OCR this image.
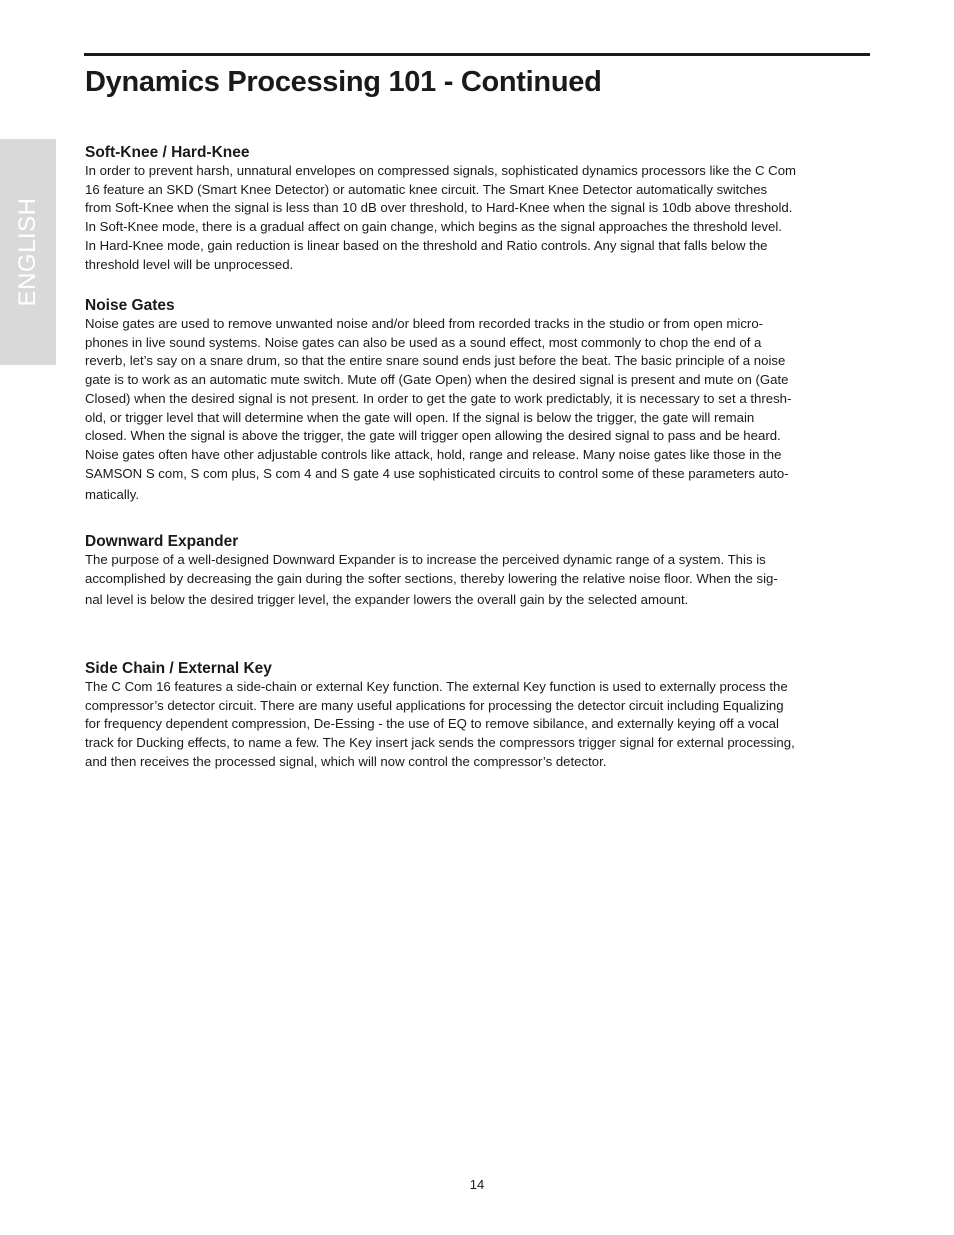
Dynamics Processing 101 - Continued
ENGLISH
Soft-Knee / Hard-Knee

In order to prevent harsh, unnatural envelopes on compressed signals, sophisticated dynamics processors like the C Com
16 feature an SKD (Smart Knee Detector) or automatic knee circuit. The Smart Knee Detector automatically switches
from Soft-Knee when the signal is less than 10 dB over threshold, to Hard-Knee when the signal is 10db above threshold.
In Soft-Knee mode, there is a gradual affect on gain change, which begins as the signal approaches the threshold level.
In Hard-Knee mode, gain reduction is linear based on the threshold and Ratio controls. Any signal that falls below the
threshold level will be unprocessed.

Noise Gates

Noise gates are used to remove unwanted noise and/or bleed from recorded tracks in the studio or from open micro-
phones in live sound systems. Noise gates can also be used as a sound effect, most commonly to chop the end of a
reverb, let’s say on a snare drum, so that the entire snare sound ends just before the beat. The basic principle of a noise
gate is to work as an automatic mute switch. Mute off (Gate Open) when the desired signal is present and mute on (Gate
Closed) when the desired signal is not present. In order to get the gate to work predictably, it is necessary to set a thresh-
old, or trigger level that will determine when the gate will open. If the signal is below the trigger, the gate will remain
closed. When the signal is above the trigger, the gate will trigger open allowing the desired signal to pass and be heard.
Noise gates often have other adjustable controls like attack, hold, range and release. Many noise gates like those in the
SAMSON S com, S com plus, S com 4 and S gate 4 use sophisticated circuits to control some of these parameters auto-
matically.

Downward Expander

The purpose of a well-designed Downward Expander is to increase the perceived dynamic range of a system. This is
accomplished by decreasing the gain during the softer sections, thereby lowering the relative noise floor. When the sig-
nal level is below the desired trigger level, the expander lowers the overall gain by the selected amount.

Side Chain / External Key

The C Com 16 features a side-chain or external Key function. The external Key function is used to externally process the
compressor’s detector circuit. There are many useful applications for processing the detector circuit including Equalizing
for frequency dependent compression, De-Essing - the use of EQ to remove sibilance, and externally keying off a vocal
track for Ducking effects, to name a few. The Key insert jack sends the compressors trigger signal for external processing,
and then receives the processed signal, which will now control the compressor’s detector.

14
